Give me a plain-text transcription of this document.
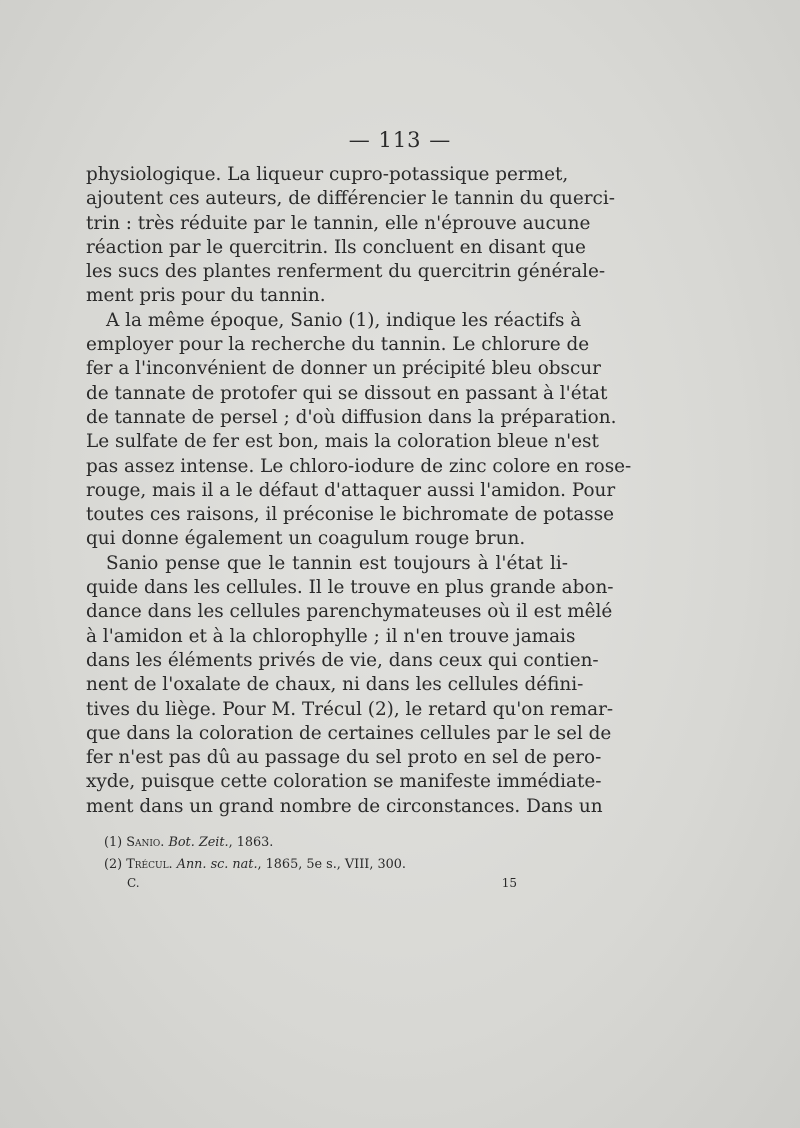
— 113 —
physiologique. La liqueur cupro-potassique permet,
ajoutent ces auteurs, de différencier le tannin du querci-
trin : très réduite par le tannin, elle n'éprouve aucune
réaction par le quercitrin. Ils concluent en disant que
les sucs des plantes renferment du quercitrin générale-
ment pris pour du tannin.
A la même époque, Sanio (1), indique les réactifs à
employer pour la recherche du tannin. Le chlorure de
fer a l'inconvénient de donner un précipité bleu obscur
de tannate de protofer qui se dissout en passant à l'état
de tannate de persel ; d'où diffusion dans la préparation.
Le sulfate de fer est bon, mais la coloration bleue n'est
pas assez intense. Le chloro-iodure de zinc colore en rose-
rouge, mais il a le défaut d'attaquer aussi l'amidon. Pour
toutes ces raisons, il préconise le bichromate de potasse
qui donne également un coagulum rouge brun.
Sanio pense que le tannin est toujours à l'état li-
quide dans les cellules. Il le trouve en plus grande abon-
dance dans les cellules parenchymateuses où il est mêlé
à l'amidon et à la chlorophylle ; il n'en trouve jamais
dans les éléments privés de vie, dans ceux qui contien-
nent de l'oxalate de chaux, ni dans les cellules défini-
tives du liège. Pour M. Trécul (2), le retard qu'on remar-
que dans la coloration de certaines cellules par le sel de
fer n'est pas dû au passage du sel proto en sel de pero-
xyde, puisque cette coloration se manifeste immédiate-
ment dans un grand nombre de circonstances. Dans un
(1) Sanio. Bot. Zeit., 1863.
(2) Trécul. Ann. sc. nat., 1865, 5e s., VIII, 300.
C.	15
